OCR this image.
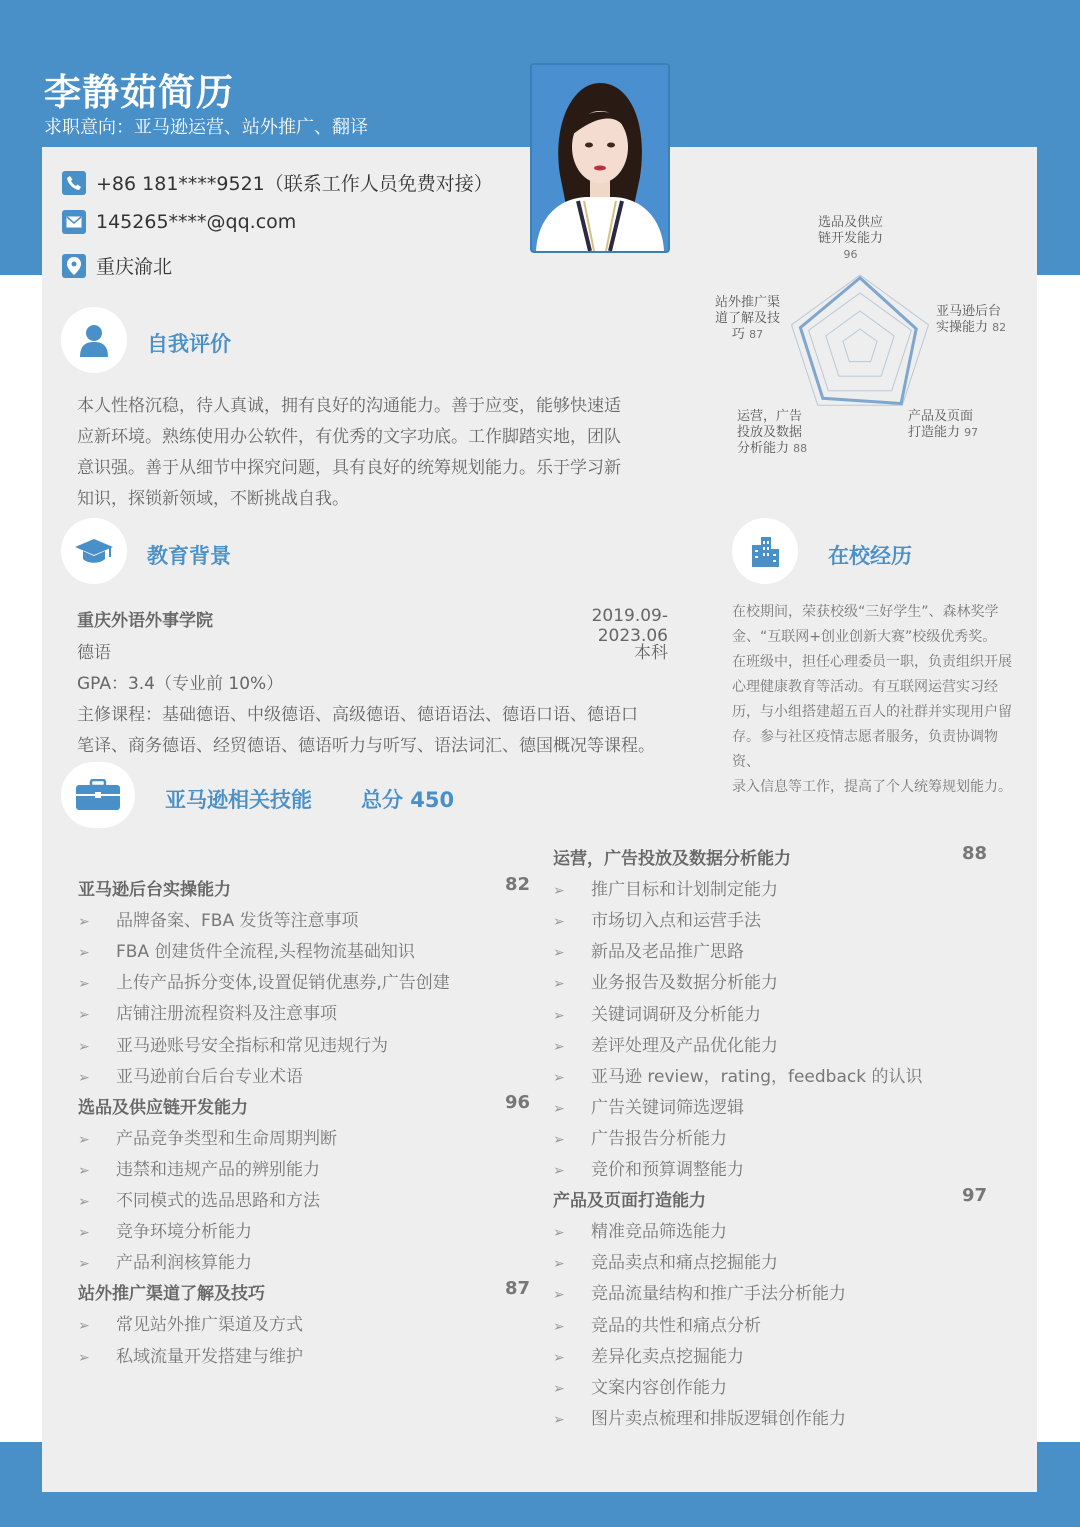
李静茹简历
求职意向：亚马逊运营、站外推广、翻译
+86 181****9521（联系工作人员免费对接）
145265****@qq.com
重庆渝北
选品及供应
链开发能力
96
亚马逊后台
实操能力 82
产品及页面
打造能力 97
运营，广告
投放及数据
分析能力 88
站外推广渠
道了解及技
巧 87
自我评价
本人性格沉稳，待人真诚，拥有良好的沟通能力。善于应变，能够快速适
应新环境。熟练使用办公软件，有优秀的文字功底。工作脚踏实地，团队
意识强。善于从细节中探究问题，具有良好的统筹规划能力。乐于学习新
知识，探锁新领域，不断挑战自我。
教育背景
重庆外语外事学院	2019.09-2023.06
德语	本科
GPA：3.4（专业前 10%）
主修课程：基础德语、中级德语、高级德语、德语语法、德语口语、德语口
笔译、商务德语、经贸德语、德语听力与听写、语法词汇、德国概况等课程。
在校经历
在校期间，荣获校级“三好学生”、森林奖学
金、“互联网+创业创新大赛”校级优秀奖。
在班级中，担任心理委员一职，负责组织开展
心理健康教育等活动。有互联网运营实习经
历，与小组搭建超五百人的社群并实现用户留
存。参与社区疫情志愿者服务，负责协调物资、
录入信息等工作，提高了个人统筹规划能力。
亚马逊相关技能 总分 450
亚马逊后台实操能力	82
➢ 品牌备案、FBA 发货等注意事项
➢ FBA 创建货件全流程,头程物流基础知识
➢ 上传产品拆分变体,设置促销优惠券,广告创建
➢ 店铺注册流程资料及注意事项
➢ 亚马逊账号安全指标和常见违规行为
➢ 亚马逊前台后台专业术语
选品及供应链开发能力	96
➢ 产品竞争类型和生命周期判断
➢ 违禁和违规产品的辨别能力
➢ 不同模式的选品思路和方法
➢ 竞争环境分析能力
➢ 产品利润核算能力
站外推广渠道了解及技巧	87
➢ 常见站外推广渠道及方式
➢ 私域流量开发搭建与维护
运营，广告投放及数据分析能力	88
➢ 推广目标和计划制定能力
➢ 市场切入点和运营手法
➢ 新品及老品推广思路
➢ 业务报告及数据分析能力
➢ 关键词调研及分析能力
➢ 差评处理及产品优化能力
➢ 亚马逊 review，rating，feedback 的认识
➢ 广告关键词筛选逻辑
➢ 广告报告分析能力
➢ 竞价和预算调整能力
产品及页面打造能力	97
➢ 精准竞品筛选能力
➢ 竞品卖点和痛点挖掘能力
➢ 竞品流量结构和推广手法分析能力
➢ 竞品的共性和痛点分析
➢ 差异化卖点挖掘能力
➢ 文案内容创作能力
➢ 图片卖点梳理和排版逻辑创作能力
